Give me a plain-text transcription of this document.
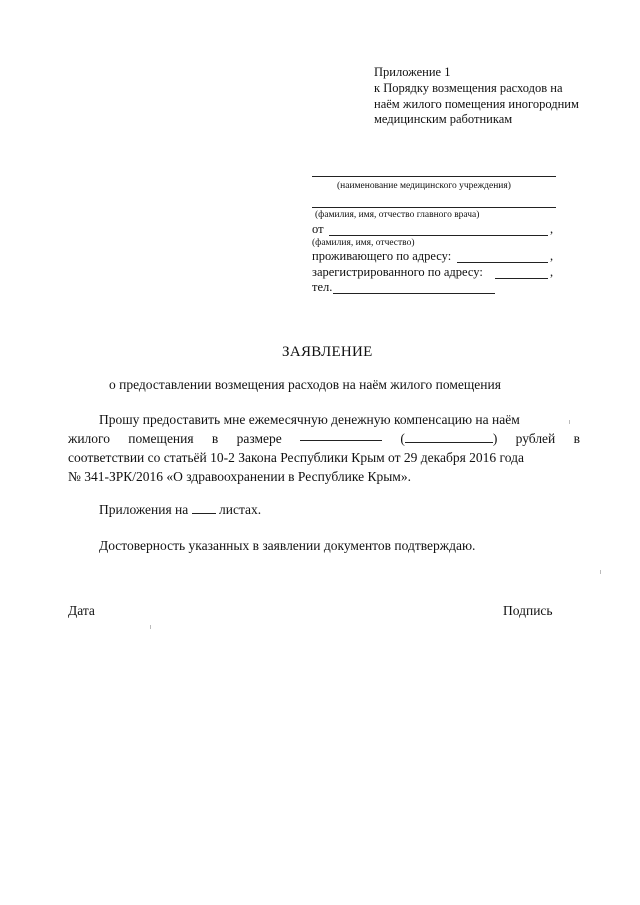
Приложение 1
к Порядку возмещения расходов на
наём жилого помещения иногородним
медицинским работникам
(наименование медицинского учреждения)
(фамилия, имя, отчество главного врача)
от	,
(фамилия, имя, отчество)
проживающего по адресу:	,
зарегистрированного по адресу:	,
тел.
ЗАЯВЛЕНИЕ
о предоставлении возмещения расходов на наём жилого помещения
Прошу предоставить мне ежемесячную денежную компенсацию на наём
жилого помещения в размере	(	) рублей в
соответствии со статьёй 10-2 Закона Республики Крым от 29 декабря 2016 года
№ 341-ЗРК/2016 «О здравоохранении в Республике Крым».
Приложения на листах.
Достоверность указанных в заявлении документов подтверждаю.
Дата	Подпись
